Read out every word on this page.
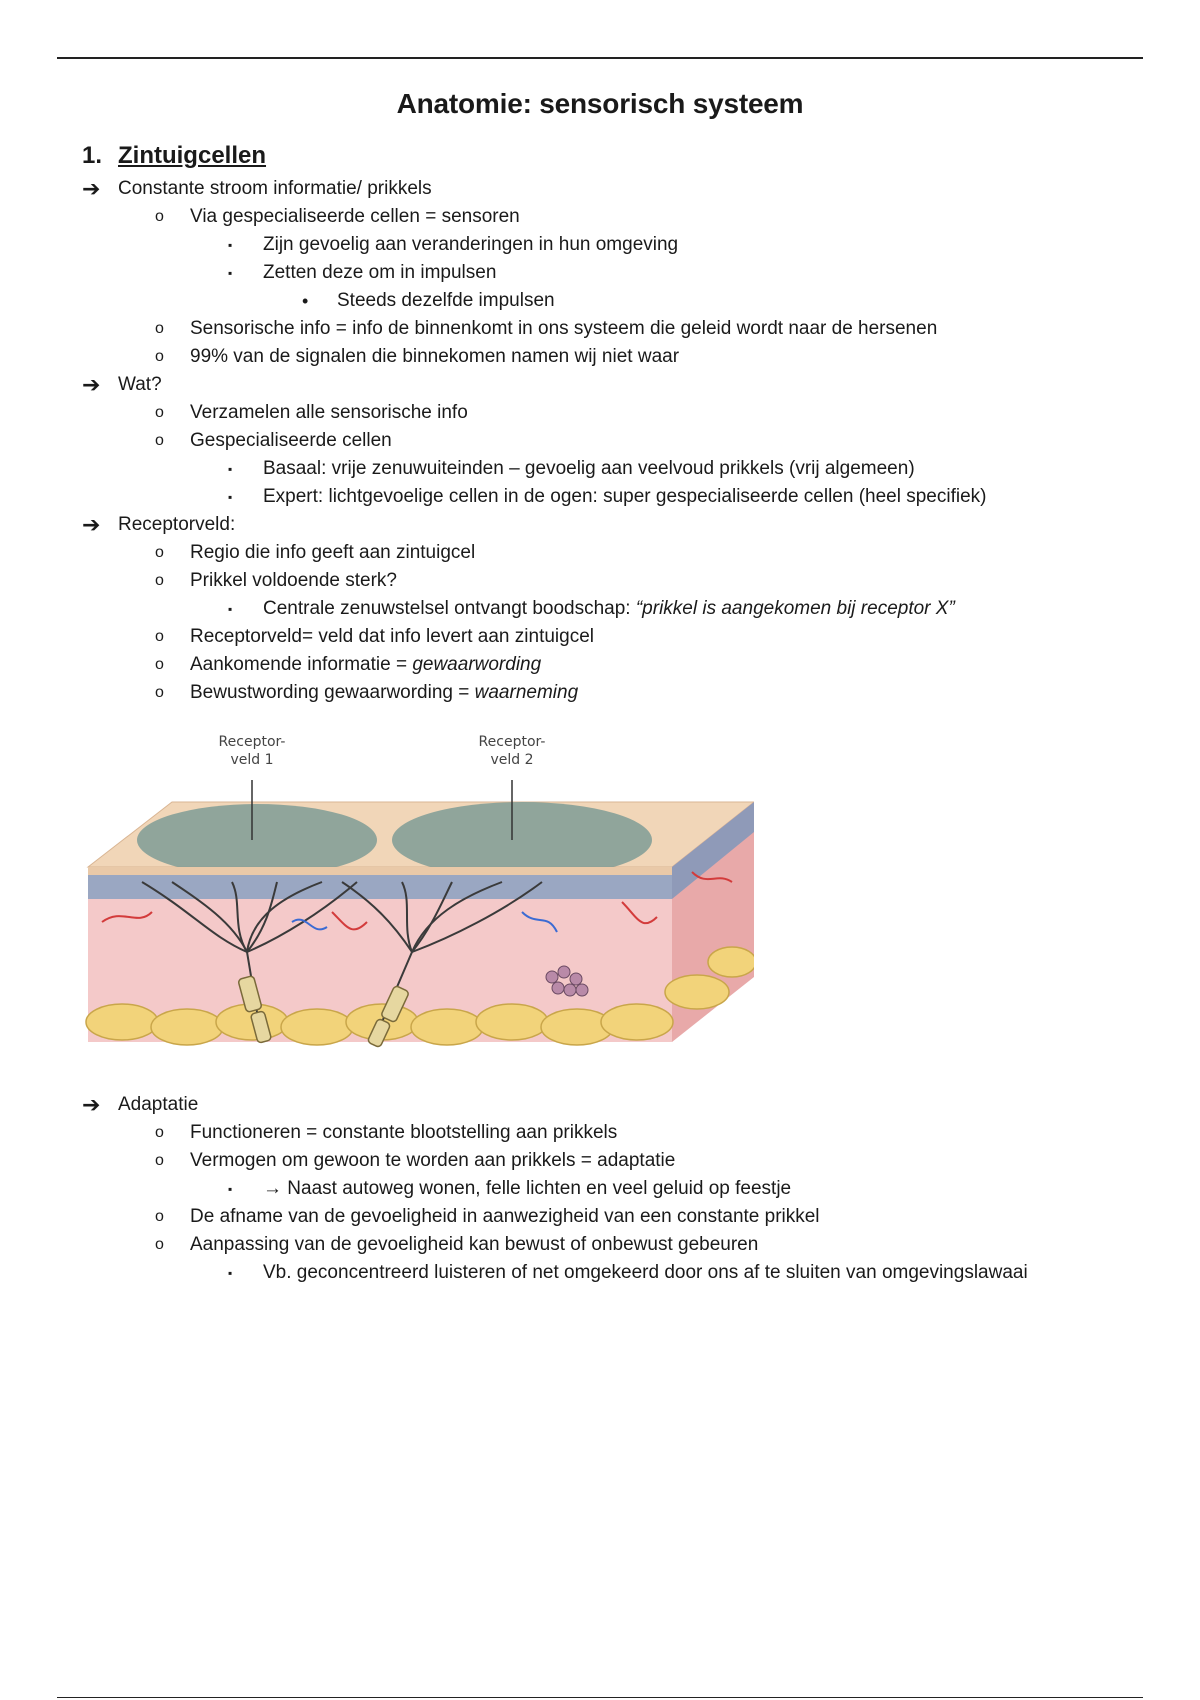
Anatomie: sensorisch systeem
1. Zintuigcellen
➔ Constante stroom informatie/ prikkels
o Via gespecialiseerde cellen = sensoren
▪ Zijn gevoelig aan veranderingen in hun omgeving
▪ Zetten deze om in impulsen
• Steeds dezelfde impulsen
o Sensorische info = info de binnenkomt in ons systeem die geleid wordt naar de hersenen
o 99% van de signalen die binnekomen namen wij niet waar
➔ Wat?
o Verzamelen alle sensorische info
o Gespecialiseerde cellen
▪ Basaal: vrije zenuwuiteinden – gevoelig aan veelvoud prikkels (vrij algemeen)
▪ Expert: lichtgevoelige cellen in de ogen: super gespecialiseerde cellen (heel specifiek)
➔ Receptorveld:
o Regio die info geeft aan zintuigcel
o Prikkel voldoende sterk?
▪ Centrale zenuwstelsel ontvangt boodschap: “prikkel is aangekomen bij receptor X”
o Receptorveld= veld dat info levert aan zintuigcel
o Aankomende informatie = gewaarwording
o Bewustwording gewaarwording = waarneming
Receptor-
veld 1
Receptor-
veld 2
➔ Adaptatie
o Functioneren = constante blootstelling aan prikkels
o Vermogen om gewoon te worden aan prikkels = adaptatie
▪ → Naast autoweg wonen, felle lichten en veel geluid op feestje
o De afname van de gevoeligheid in aanwezigheid van een constante prikkel
o Aanpassing van de gevoeligheid kan bewust of onbewust gebeuren
▪ Vb. geconcentreerd luisteren of net omgekeerd door ons af te sluiten van omgevingslawaai
